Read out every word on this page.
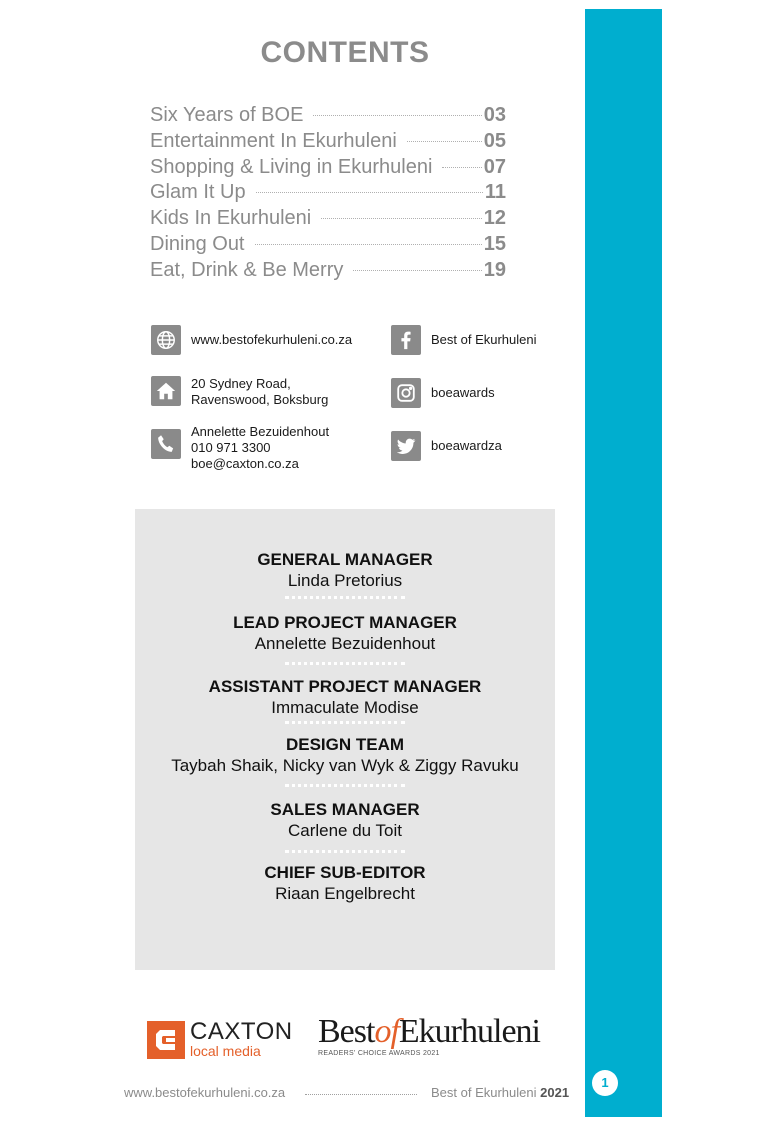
CONTENTS
Six Years of BOE	03
Entertainment In Ekurhuleni	05
Shopping & Living in Ekurhuleni	07
Glam It Up	11
Kids In Ekurhuleni	12
Dining Out	15
Eat, Drink & Be Merry	19
www.bestofekurhuleni.co.za
20 Sydney Road,
Ravenswood, Boksburg
Annelette Bezuidenhout
010 971 3300
boe@caxton.co.za
Best of Ekurhuleni
boeawards
boeawardza
GENERAL MANAGER
Linda Pretorius
LEAD PROJECT MANAGER
Annelette Bezuidenhout
ASSISTANT PROJECT MANAGER
Immaculate Modise
DESIGN TEAM
Taybah Shaik, Nicky van Wyk & Ziggy Ravuku
SALES MANAGER
Carlene du Toit
CHIEF SUB-EDITOR
Riaan Engelbrecht
CAXTON
local media
BestofEkurhuleni
READERS' CHOICE AWARDS 2021
www.bestofekurhuleni.co.za	Best of Ekurhuleni 2021
1
